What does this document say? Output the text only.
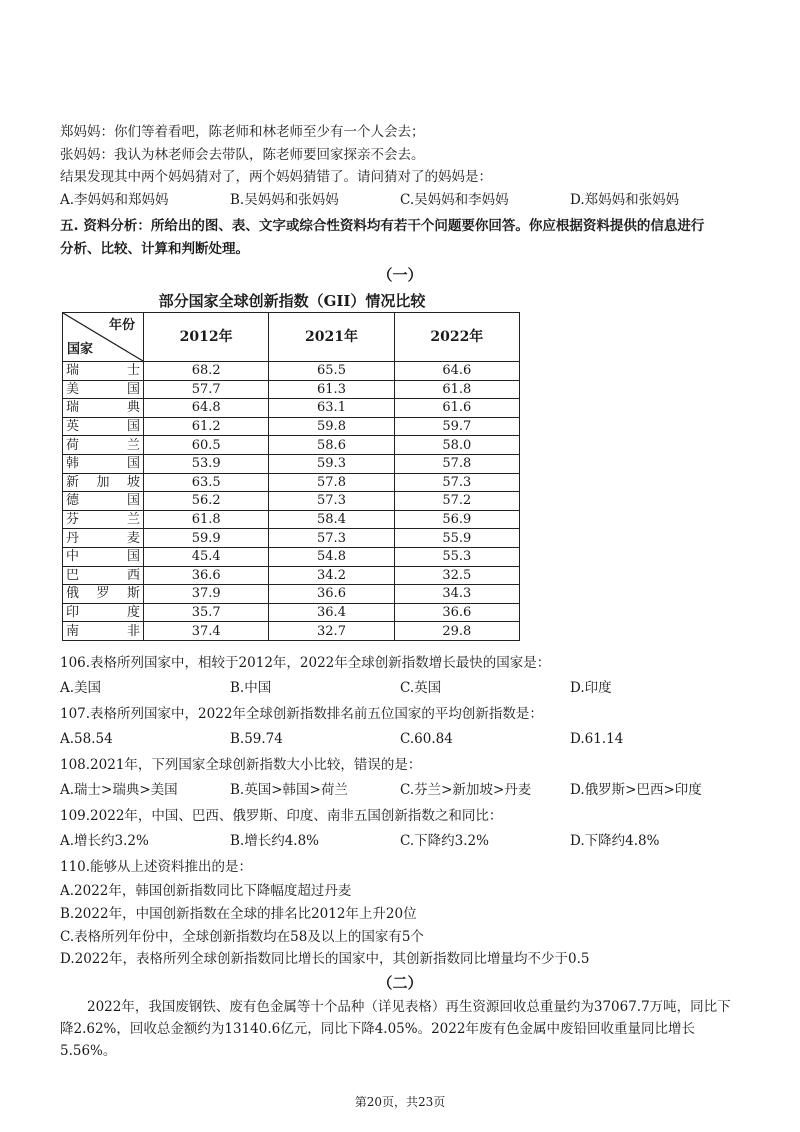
郑妈妈：你们等着看吧，陈老师和林老师至少有一个人会去；
张妈妈：我认为林老师会去带队，陈老师要回家探亲不会去。
结果发现其中两个妈妈猜对了，两个妈妈猜错了。请问猜对了的妈妈是：
A.李妈妈和郑妈妈	B.吴妈妈和张妈妈	C.吴妈妈和李妈妈	D.郑妈妈和张妈妈
五. 资料分析：所给出的图、表、文字或综合性资料均有若干个问题要你回答。你应根据资料提供的信息进行
分析、比较、计算和判断处理。
（一）
部分国家全球创新指数（GII）情况比较
年份
国家	2012年	2021年	2022年
瑞士	68.2	65.5	64.6
美国	57.7	61.3	61.8
瑞典	64.8	63.1	61.6
英国	61.2	59.8	59.7
荷兰	60.5	58.6	58.0
韩国	53.9	59.3	57.8
新加坡	63.5	57.8	57.3
德国	56.2	57.3	57.2
芬兰	61.8	58.4	56.9
丹麦	59.9	57.3	55.9
中国	45.4	54.8	55.3
巴西	36.6	34.2	32.5
俄罗斯	37.9	36.6	34.3
印度	35.7	36.4	36.6
南非	37.4	32.7	29.8
106.表格所列国家中，相较于2012年，2022年全球创新指数增长最快的国家是：
A.美国	B.中国	C.英国	D.印度
107.表格所列国家中，2022年全球创新指数排名前五位国家的平均创新指数是：
A.58.54	B.59.74	C.60.84	D.61.14
108.2021年，下列国家全球创新指数大小比较，错误的是：
A.瑞士>瑞典>美国	B.英国>韩国>荷兰	C.芬兰>新加坡>丹麦	D.俄罗斯>巴西>印度
109.2022年，中国、巴西、俄罗斯、印度、南非五国创新指数之和同比：
A.增长约3.2%	B.增长约4.8%	C.下降约3.2%	D.下降约4.8%
110.能够从上述资料推出的是：
A.2022年，韩国创新指数同比下降幅度超过丹麦
B.2022年，中国创新指数在全球的排名比2012年上升20位
C.表格所列年份中，全球创新指数均在58及以上的国家有5个
D.2022年，表格所列全球创新指数同比增长的国家中，其创新指数同比增量均不少于0.5
（二）
2022年，我国废钢铁、废有色金属等十个品种（详见表格）再生资源回收总重量约为37067.7万吨，同比下降2.62%，回收总金额约为13140.6亿元，同比下降4.05%。2022年废有色金属中废铅回收重量同比增长5.56%。
第20页，共23页
